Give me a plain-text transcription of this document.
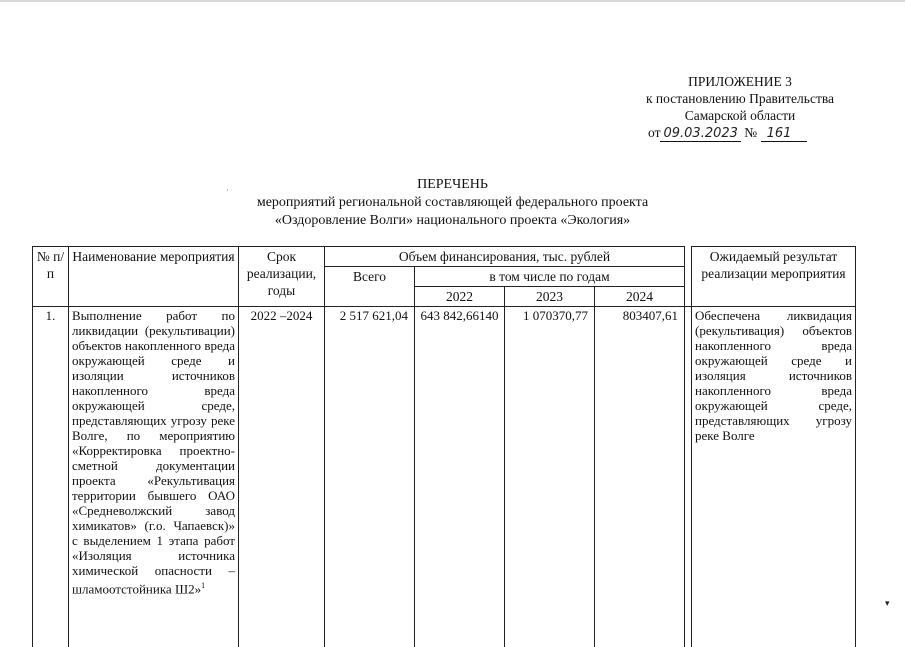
ПРИЛОЖЕНИЕ 3
к постановлению Правительства
Самарской области
от 09.03.2023 № 161
ПЕРЕЧЕНЬ
мероприятий региональной составляющей федерального проекта
«Оздоровление Волги» национального проекта «Экология»
№ п/п	Наименование мероприятия	Срок реализации, годы	Объем финансирования, тыс. рублей					Ожидаемый результат реализации мероприятия
			Всего	в том числе по годам				
				2022	2023	2024		
1.	Выполнение работ по ликвидации (рекультивации) объектов накопленного вреда окружающей среде и изоляции источников накопленного вреда окружающей среде, представляющих угрозу реке Волге, по мероприятию «Корректировка проектно-сметной документации проекта «Рекультивация территории бывшего ОАО «Средневолжский завод химикатов» (г.о. Чапаевск)» с выделением 1 этапа работ «Изоляция источника химической опасности – шламоотстойника Ш2»$^1$	2022 –2024	2 517 621,04	643 842,66140	1 070370,77	803407,61		Обеспечена ликвидация (рекультивация) объектов накопленного вреда окружающей среде и изоляция источников накопленного вреда окружающей среде, представляющих угрозу реке Волге
·
▾
